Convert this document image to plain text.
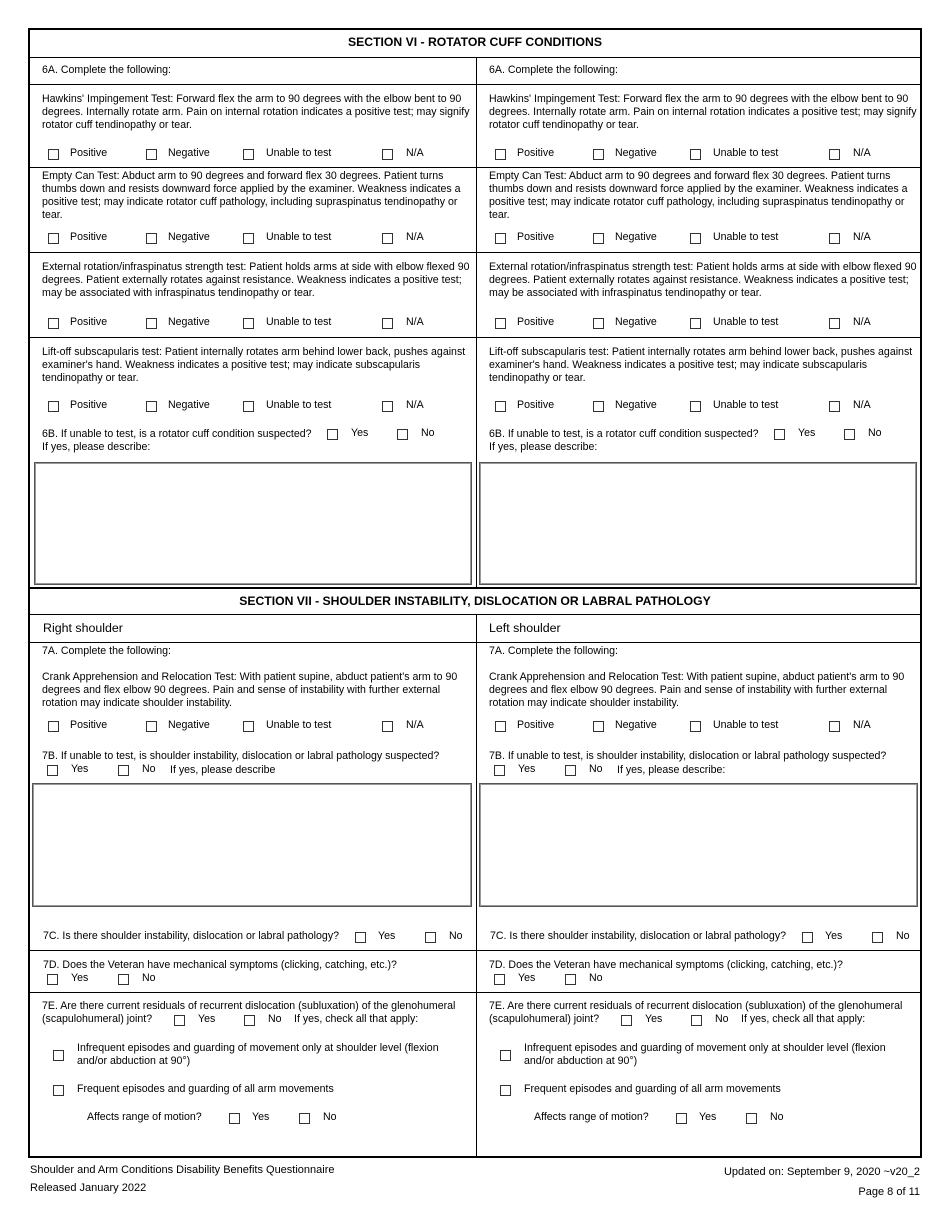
SECTION VI - ROTATOR CUFF CONDITIONS
6A. Complete the following:
Hawkins' Impingement Test: Forward flex the arm to 90 degrees with the elbow bent to 90 degrees. Internally rotate arm. Pain on internal rotation indicates a positive test; may signify rotator cuff tendinopathy or tear.
Positive	Negative	Unable to test	N/A
Empty Can Test: Abduct arm to 90 degrees and forward flex 30 degrees. Patient turns thumbs down and resists downward force applied by the examiner. Weakness indicates a positive test; may indicate rotator cuff pathology, including supraspinatus tendinopathy or tear.
Positive	Negative	Unable to test	N/A
External rotation/infraspinatus strength test: Patient holds arms at side with elbow flexed 90 degrees. Patient externally rotates against resistance. Weakness indicates a positive test; may be associated with infraspinatus tendinopathy or tear.
Positive	Negative	Unable to test	N/A
Lift-off subscapularis test: Patient internally rotates arm behind lower back, pushes against examiner's hand. Weakness indicates a positive test; may indicate subscapularis tendinopathy or tear.
Positive	Negative	Unable to test	N/A
6B. If unable to test, is a rotator cuff condition suspected?	Yes	No
If yes, please describe:
6A. Complete the following:
Hawkins' Impingement Test: Forward flex the arm to 90 degrees with the elbow bent to 90 degrees. Internally rotate arm. Pain on internal rotation indicates a positive test; may signify rotator cuff tendinopathy or tear.
Positive	Negative	Unable to test	N/A
Empty Can Test: Abduct arm to 90 degrees and forward flex 30 degrees. Patient turns thumbs down and resists downward force applied by the examiner. Weakness indicates a positive test; may indicate rotator cuff pathology, including supraspinatus tendinopathy or tear.
Positive	Negative	Unable to test	N/A
External rotation/infraspinatus strength test: Patient holds arms at side with elbow flexed 90 degrees. Patient externally rotates against resistance. Weakness indicates a positive test; may be associated with infraspinatus tendinopathy or tear.
Positive	Negative	Unable to test	N/A
Lift-off subscapularis test: Patient internally rotates arm behind lower back, pushes against examiner's hand. Weakness indicates a positive test; may indicate subscapularis tendinopathy or tear.
Positive	Negative	Unable to test	N/A
6B. If unable to test, is a rotator cuff condition suspected?	Yes	No
If yes, please describe:
SECTION VII - SHOULDER INSTABILITY, DISLOCATION OR LABRAL PATHOLOGY
Right shoulder
7A. Complete the following:
Crank Apprehension and Relocation Test: With patient supine, abduct patient's arm to 90 degrees and flex elbow 90 degrees. Pain and sense of instability with further external rotation may indicate shoulder instability.
Positive	Negative	Unable to test	N/A
7B. If unable to test, is shoulder instability, dislocation or labral pathology suspected?
Yes	No If yes, please describe
7C. Is there shoulder instability, dislocation or labral pathology?	Yes	No
7D. Does the Veteran have mechanical symptoms (clicking, catching, etc.)?
Yes	No
7E. Are there current residuals of recurrent dislocation (subluxation) of the glenohumeral
(scapulohumeral) joint?	Yes	No If yes, check all that apply:
Infrequent episodes and guarding of movement only at shoulder level (flexion and/or abduction at 90°)
Frequent episodes and guarding of all arm movements
Affects range of motion?	Yes	No
Left shoulder
7A. Complete the following:
Crank Apprehension and Relocation Test: With patient supine, abduct patient's arm to 90 degrees and flex elbow 90 degrees. Pain and sense of instability with further external rotation may indicate shoulder instability.
Positive	Negative	Unable to test	N/A
7B. If unable to test, is shoulder instability, dislocation or labral pathology suspected?
Yes	No If yes, please describe:
7C. Is there shoulder instability, dislocation or labral pathology?	Yes	No
7D. Does the Veteran have mechanical symptoms (clicking, catching, etc.)?
Yes	No
7E. Are there current residuals of recurrent dislocation (subluxation) of the glenohumeral
(scapulohumeral) joint?	Yes	No If yes, check all that apply:
Infrequent episodes and guarding of movement only at shoulder level (flexion and/or abduction at 90°)
Frequent episodes and guarding of all arm movements
Affects range of motion?	Yes	No
Shoulder and Arm Conditions Disability Benefits Questionnaire
Released January 2022
Updated on: September 9, 2020 ~v20_2
Page 8 of 11
